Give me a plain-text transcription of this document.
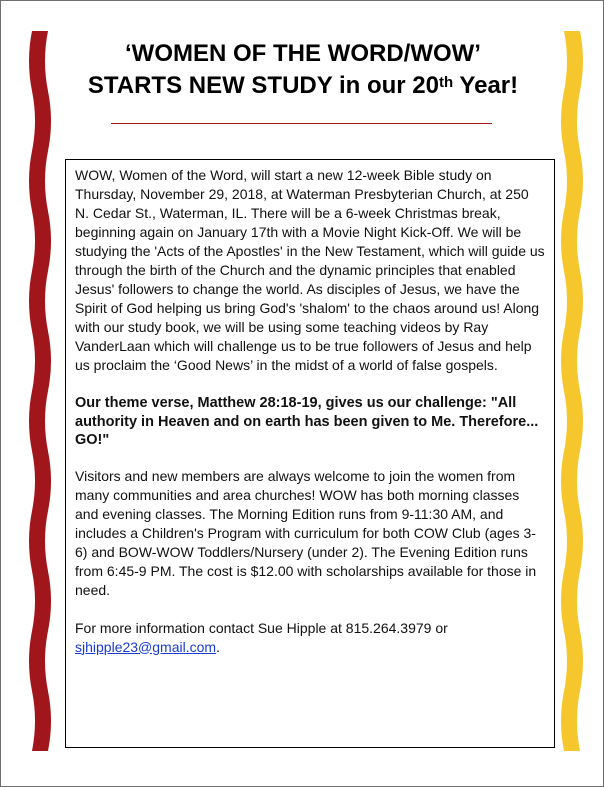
‘WOMEN OF THE WORD/WOW’
STARTS NEW STUDY in our 20th Year!

WOW, Women of the Word, will start a new 12-week Bible study on Thursday, November 29, 2018, at Waterman Presbyterian Church, at 250 N. Cedar St., Waterman, IL. There will be a 6-week Christmas break, beginning again on January 17th with a Movie Night Kick-Off. We will be studying the 'Acts of the Apostles' in the New Testament, which will guide us through the birth of the Church and the dynamic principles that enabled Jesus' followers to change the world. As disciples of Jesus, we have the Spirit of God helping us bring God's 'shalom' to the chaos around us! Along with our study book, we will be using some teaching videos by Ray VanderLaan which will challenge us to be true followers of Jesus and help us proclaim the ‘Good News’ in the midst of a world of false gospels.

Our theme verse, Matthew 28:18-19, gives us our challenge: "All authority in Heaven and on earth has been given to Me. Therefore... GO!"

Visitors and new members are always welcome to join the women from many communities and area churches! WOW has both morning classes and evening classes. The Morning Edition runs from 9-11:30 AM, and includes a Children's Program with curriculum for both COW Club (ages 3-6) and BOW-WOW Toddlers/Nursery (under 2). The Evening Edition runs from 6:45-9 PM. The cost is $12.00 with scholarships available for those in need.

For more information contact Sue Hipple at 815.264.3979 or sjhipple23@gmail.com.
